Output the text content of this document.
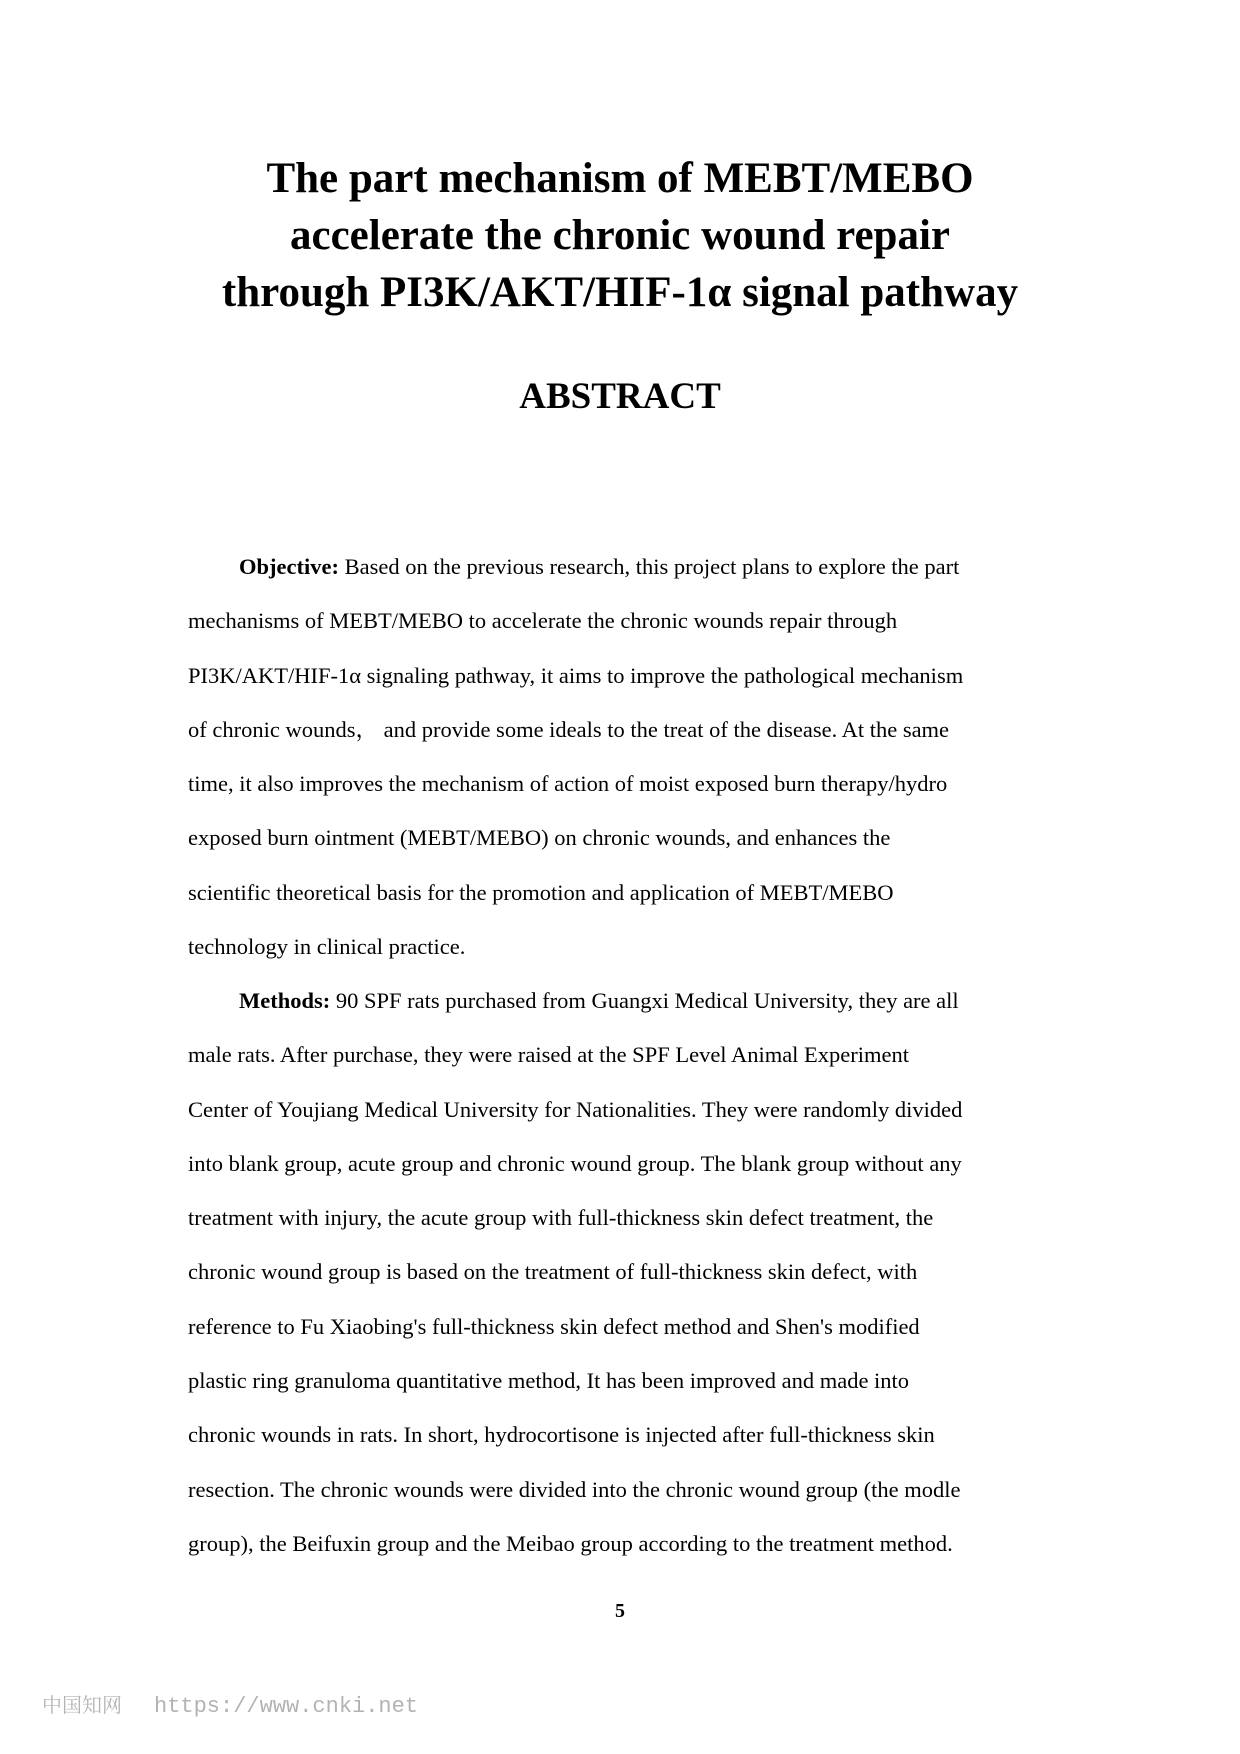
The part mechanism of MEBT/MEBO
accelerate the chronic wound repair
through PI3K/AKT/HIF-1α signal pathway
ABSTRACT
Objective: Based on the previous research, this project plans to explore the part
mechanisms of MEBT/MEBO to accelerate the chronic wounds repair through
PI3K/AKT/HIF-1α signaling pathway, it aims to improve the pathological mechanism
of chronic wounds， and provide some ideals to the treat of the disease. At the same
time, it also improves the mechanism of action of moist exposed burn therapy/hydro
exposed burn ointment (MEBT/MEBO) on chronic wounds, and enhances the
scientific theoretical basis for the promotion and application of MEBT/MEBO
technology in clinical practice.
Methods: 90 SPF rats purchased from Guangxi Medical University, they are all
male rats. After purchase, they were raised at the SPF Level Animal Experiment
Center of Youjiang Medical University for Nationalities. They were randomly divided
into blank group, acute group and chronic wound group. The blank group without any
treatment with injury, the acute group with full-thickness skin defect treatment, the
chronic wound group is based on the treatment of full-thickness skin defect, with
reference to Fu Xiaobing's full-thickness skin defect method and Shen's modified
plastic ring granuloma quantitative method, It has been improved and made into
chronic wounds in rats. In short, hydrocortisone is injected after full-thickness skin
resection. The chronic wounds were divided into the chronic wound group (the modle
group), the Beifuxin group and the Meibao group according to the treatment method.
5
中国知网 https://www.cnki.net
